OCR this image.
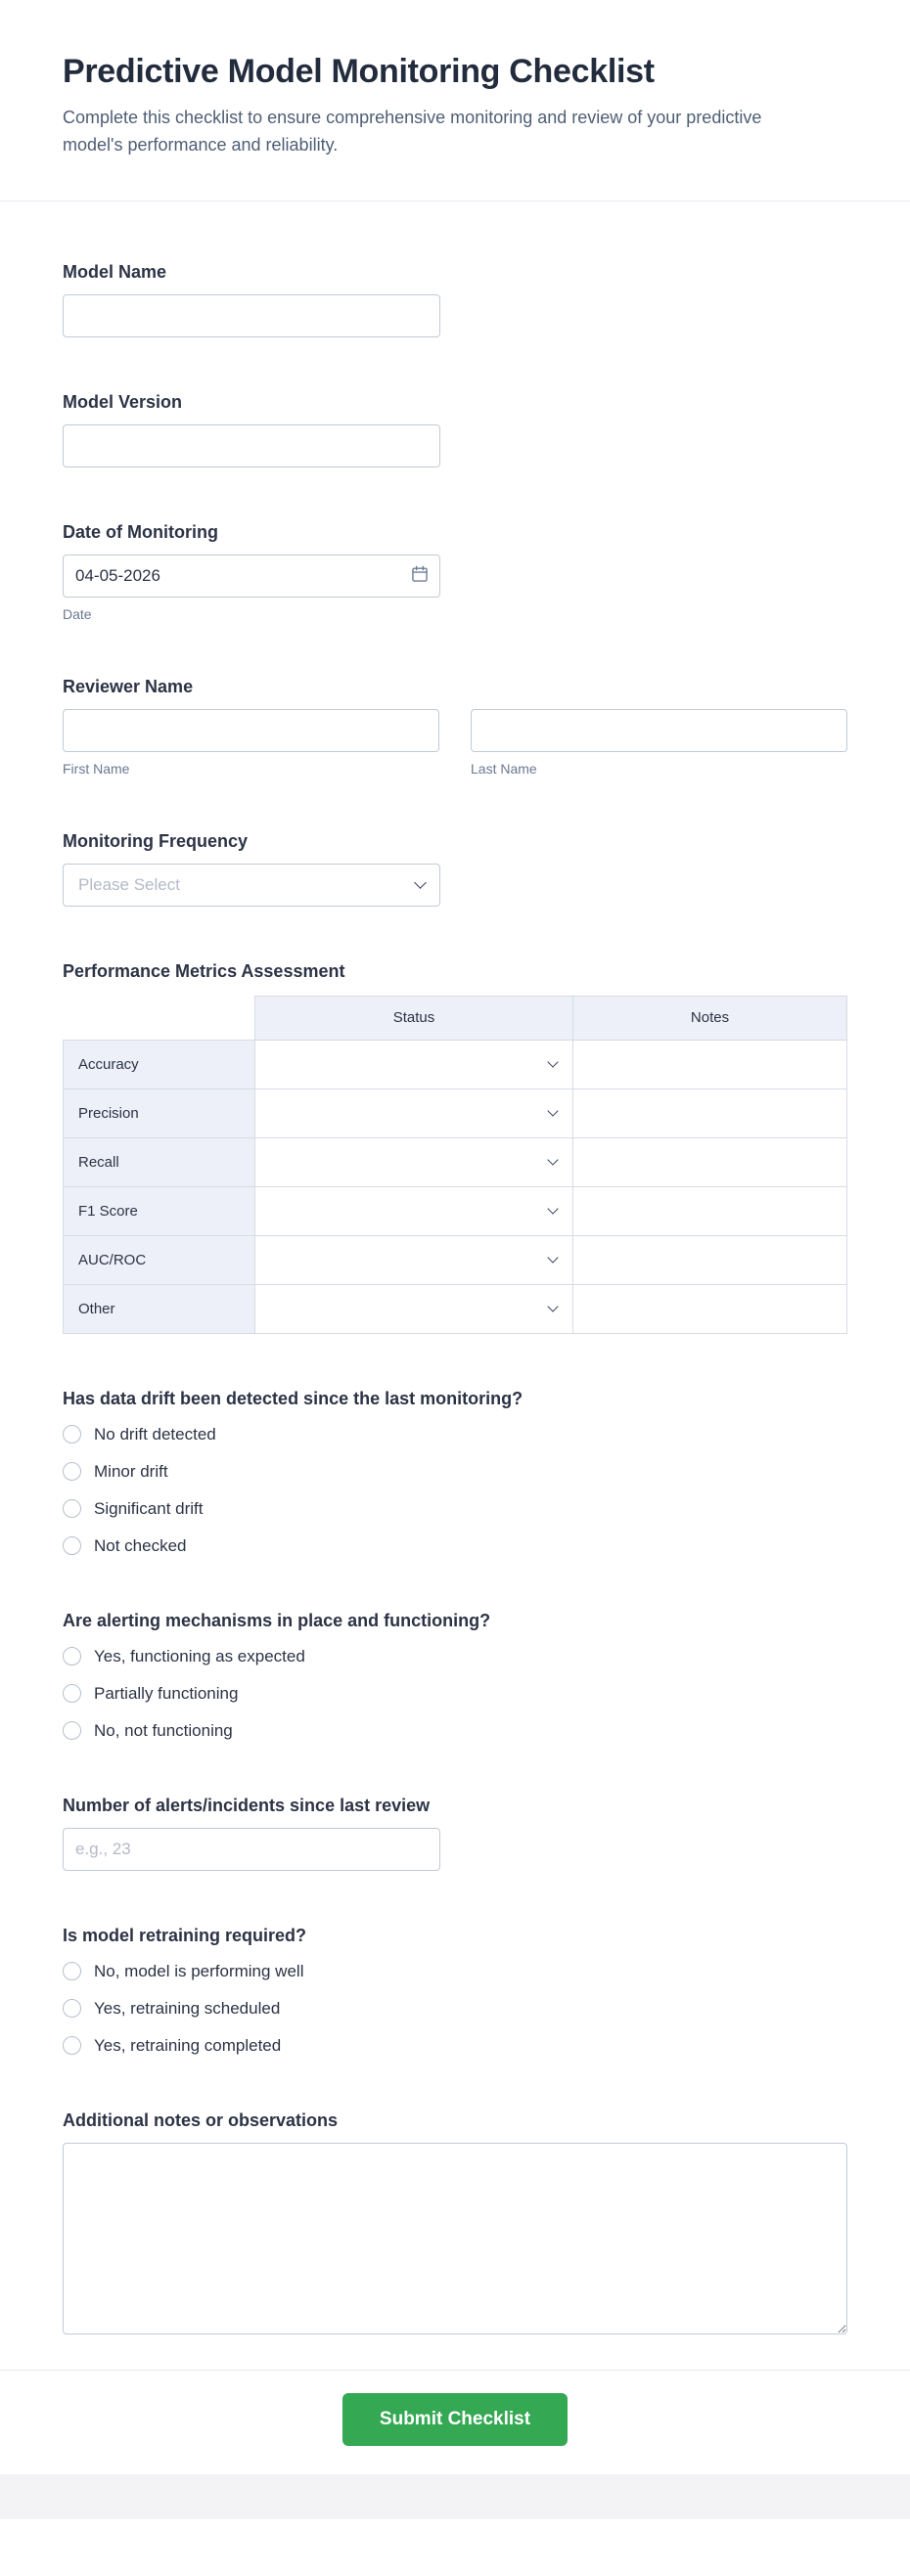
Predictive Model Monitoring Checklist

Complete this checklist to ensure comprehensive monitoring and review of your predictive model's performance and reliability.

Model Name
Model Version
Date of Monitoring
04-05-2026
Date
Reviewer Name
First Name	Last Name
Monitoring Frequency
Please Select
Performance Metrics Assessment
	Status	Notes
Accuracy	

Precision	

Recall	

F1 Score	

AUC/ROC	

Other	

Has data drift been detected since the last monitoring?
No drift detected
Minor drift
Significant drift
Not checked
Are alerting mechanisms in place and functioning?
Yes, functioning as expected
Partially functioning
No, not functioning
Number of alerts/incidents since last review
e.g., 23
Is model retraining required?
No, model is performing well
Yes, retraining scheduled
Yes, retraining completed
Additional notes or observations
Submit Checklist
